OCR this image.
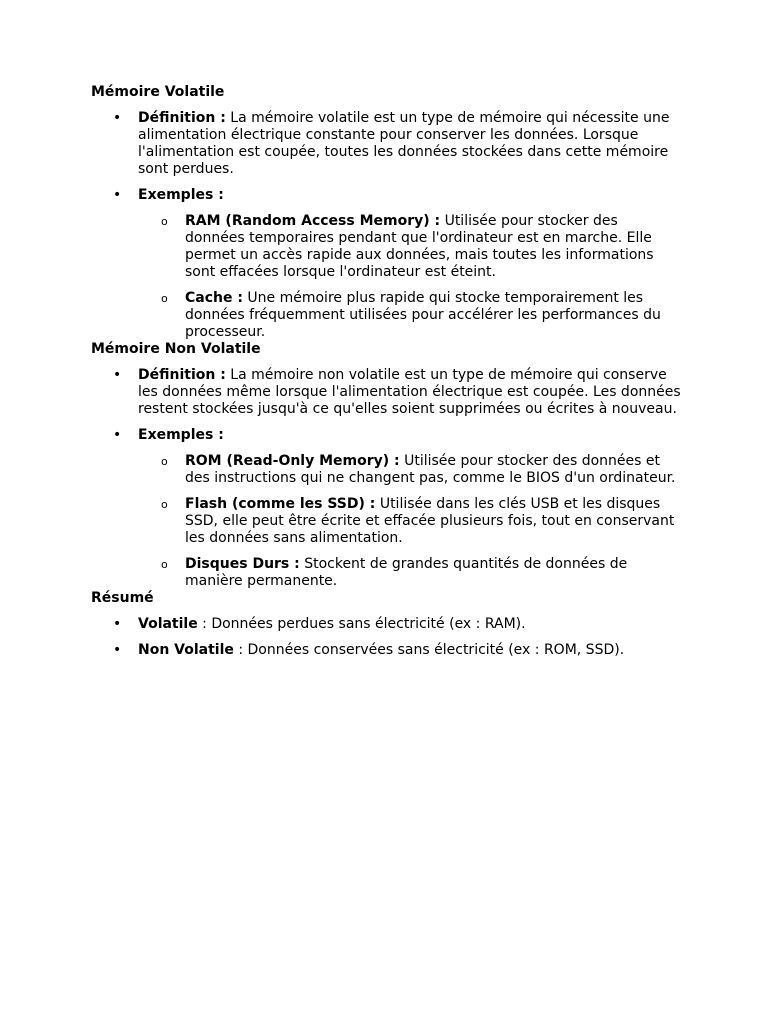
Mémoire Volatile
• Définition : La mémoire volatile est un type de mémoire qui nécessite une alimentation électrique constante pour conserver les données. Lorsque l'alimentation est coupée, toutes les données stockées dans cette mémoire sont perdues.
• Exemples :
o RAM (Random Access Memory) : Utilisée pour stocker des données temporaires pendant que l'ordinateur est en marche. Elle permet un accès rapide aux données, mais toutes les informations sont effacées lorsque l'ordinateur est éteint.
o Cache : Une mémoire plus rapide qui stocke temporairement les données fréquemment utilisées pour accélérer les performances du processeur.
Mémoire Non Volatile
• Définition : La mémoire non volatile est un type de mémoire qui conserve les données même lorsque l'alimentation électrique est coupée. Les données restent stockées jusqu'à ce qu'elles soient supprimées ou écrites à nouveau.
• Exemples :
o ROM (Read-Only Memory) : Utilisée pour stocker des données et des instructions qui ne changent pas, comme le BIOS d'un ordinateur.
o Flash (comme les SSD) : Utilisée dans les clés USB et les disques SSD, elle peut être écrite et effacée plusieurs fois, tout en conservant les données sans alimentation.
o Disques Durs : Stockent de grandes quantités de données de manière permanente.
Résumé
• Volatile : Données perdues sans électricité (ex : RAM).
• Non Volatile : Données conservées sans électricité (ex : ROM, SSD).
